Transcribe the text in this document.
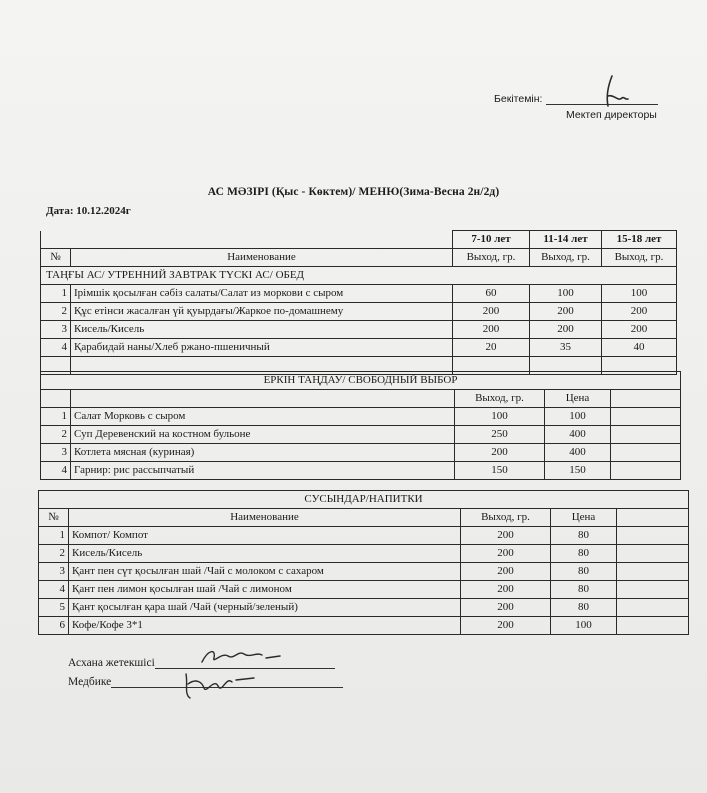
Бекітемін:
Мектеп директоры
АС МӘЗІРІ (Қыс - Көктем)/ МЕНЮ(Зима-Весна 2н/2д)
Дата: 10.12.2024г
		7-10 лет	11-14 лет	15-18 лет
№	Наименование	Выход, гр.	Выход, гр.	Выход, гр.
ТАҢҒЫ АС/ УТРЕННИЙ ЗАВТРАК ТҮСКІ АС/ ОБЕД				
1	Ірімшік қосылған сәбіз салаты/Салат из моркови с сыром	60	100	100
2	Құс етінси жасалған үй қуырдағы/Жаркое по-домашнему	200	200	200
3	Кисель/Кисель	200	200	200
4	Қарабидай наны/Хлеб ржано-пшеничный	20	35	40

ЕРКІН ТАҢДАУ/ СВОБОДНЫЙ ВЫБОР				
		Выход, гр.	Цена	
1	Салат Морковь с сыром	100	100	
2	Суп Деревенский на костном бульоне	250	400	
3	Котлета мясная (куриная)	200	400	
4	Гарнир: рис рассыпчатый	150	150	
СУСЫНДАР/НАПИТКИ				
№	Наименование	Выход, гр.	Цена	
1	Компот/ Компот	200	80	
2	Кисель/Кисель	200	80	
3	Қант пен сүт қосылған шай /Чай с молоком с сахаром	200	80	
4	Қант пен лимон қосылған шай /Чай с лимоном	200	80	
5	Қант қосылған қара шай /Чай (черный/зеленый)	200	80	
6	Кофе/Кофе 3*1	200	100	
Асхана жетекшісі
Медбике
